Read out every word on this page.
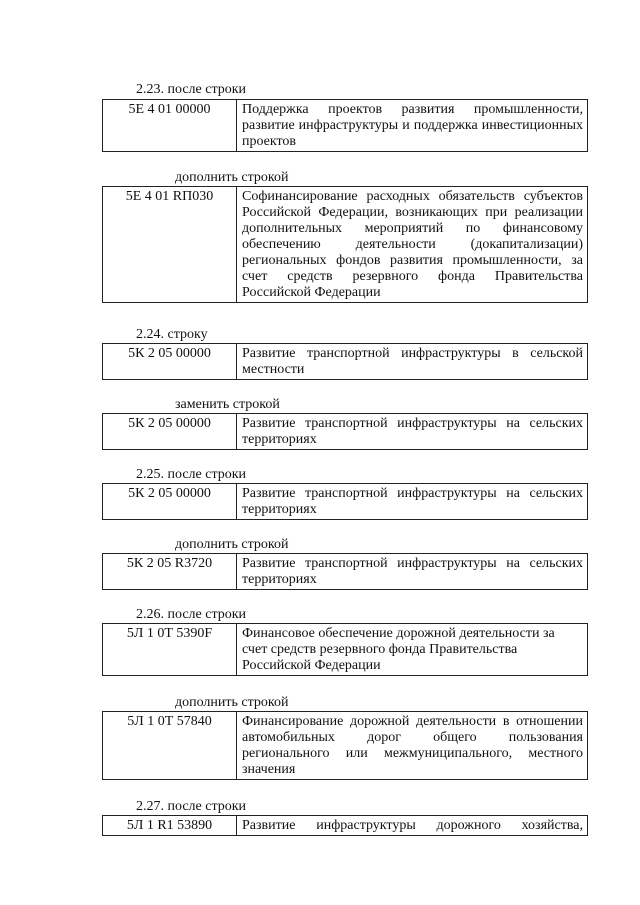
2.23. после строки
5Е 4 01 00000	Поддержка проектов развития промышленности, развитие инфраструктуры и поддержка инвестиционных проектов
дополнить строкой
5Е 4 01 RП030	Софинансирование расходных обязательств субъектов Российской Федерации, возникающих при реализации дополнительных мероприятий по финансовому обеспечению деятельности (докапитализации) региональных фондов развития промышленности, за счет средств резервного фонда Правительства Российской Федерации
2.24. строку
5К 2 05 00000	Развитие транспортной инфраструктуры в сельской местности
заменить строкой
5К 2 05 00000	Развитие транспортной инфраструктуры на сельских территориях
2.25. после строки
5К 2 05 00000	Развитие транспортной инфраструктуры на сельских территориях
дополнить строкой
5К 2 05 R3720	Развитие транспортной инфраструктуры на сельских территориях
2.26. после строки
5Л 1 0Т 5390F	Финансовое обеспечение дорожной деятельности за счет средств резервного фонда Правительства Российской Федерации
дополнить строкой
5Л 1 0Т 57840	Финансирование дорожной деятельности в отношении автомобильных дорог общего пользования регионального или межмуниципального, местного значения
2.27. после строки
5Л 1 R1 53890	Развитие инфраструктуры дорожного хозяйства,
